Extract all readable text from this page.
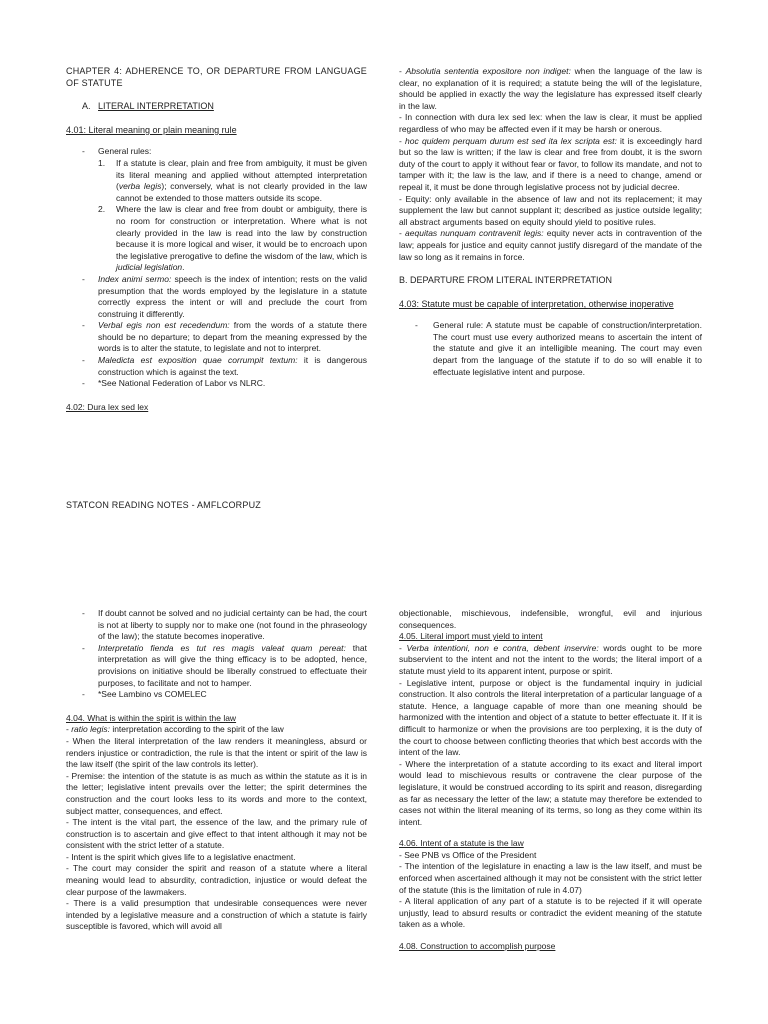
CHAPTER 4: ADHERENCE TO, OR DEPARTURE FROM LANGUAGE OF STATUTE

A. LITERAL INTERPRETATION

4.01: Literal meaning or plain meaning rule

- General rules:
1. If a statute is clear, plain and free from ambiguity, it must be given its literal meaning and applied without attempted interpretation (verba legis); conversely, what is not clearly provided in the law cannot be extended to those matters outside its scope.
2. Where the law is clear and free from doubt or ambiguity, there is no room for construction or interpretation. Where what is not clearly provided in the law is read into the law by construction because it is more logical and wiser, it would be to encroach upon the legislative prerogative to define the wisdom of the law, which is judicial legislation.
- Index animi sermo: speech is the index of intention; rests on the valid presumption that the words employed by the legislature in a statute correctly express the intent or will and preclude the court from construing it differently.
- Verbal egis non est recedendum: from the words of a statute there should be no departure; to depart from the meaning expressed by the words is to alter the statute, to legislate and not to interpret.
- Maledicta est exposition quae corrumpit textum: it is dangerous construction which is against the text.
- *See National Federation of Labor vs NLRC.

4.02: Dura lex sed lex

STATCON READING NOTES - AMFLCORPUZ

- Absolutia sententia expositore non indiget: when the language of the law is clear, no explanation of it is required; a statute being the will of the legislature, should be applied in exactly the way the legislature has expressed itself clearly in the law.

- In connection with dura lex sed lex: when the law is clear, it must be applied regardless of who may be affected even if it may be harsh or onerous.

- hoc quidem perquam durum est sed ita lex scripta est: it is exceedingly hard but so the law is written; if the law is clear and free from doubt, it is the sworn duty of the court to apply it without fear or favor, to follow its mandate, and not to tamper with it; the law is the law, and if there is a need to change, amend or repeal it, it must be done through legislative process not by judicial decree.

- Equity: only available in the absence of law and not its replacement; it may supplement the law but cannot supplant it; described as justice outside legality; all abstract arguments based on equity should yield to positive rules.

- aequitas nunquam contravenit legis: equity never acts in contravention of the law; appeals for justice and equity cannot justify disregard of the mandate of the law so long as it remains in force.

B. DEPARTURE FROM LITERAL INTERPRETATION

4.03: Statute must be capable of interpretation, otherwise inoperative

- General rule: A statute must be capable of construction/interpretation. The court must use every authorized means to ascertain the intent of the statute and give it an intelligible meaning. The court may even depart from the language of the statute if to do so will enable it to effectuate legislative intent and purpose.
- If doubt cannot be solved and no judicial certainty can be had, the court is not at liberty to supply nor to make one (not found in the phraseology of the law); the statute becomes inoperative.
- Interpretatio fienda es tut res magis valeat quam pereat: that interpretation as will give the thing efficacy is to be adopted, hence, provisions on initiative should be liberally construed to effectuate their purposes, to facilitate and not to hamper.
- *See Lambino vs COMELEC

4.04. What is within the spirit is within the law

- ratio legis: interpretation according to the spirit of the law

- When the literal interpretation of the law renders it meaningless, absurd or renders injustice or contradiction, the rule is that the intent or spirit of the law is the law itself (the spirit of the law controls its letter).

- Premise: the intention of the statute is as much as within the statute as it is in the letter; legislative intent prevails over the letter; the spirit determines the construction and the court looks less to its words and more to the context, subject matter, consequences, and effect.

- The intent is the vital part, the essence of the law, and the primary rule of construction is to ascertain and give effect to that intent although it may not be consistent with the strict letter of a statute.

- Intent is the spirit which gives life to a legislative enactment.

- The court may consider the spirit and reason of a statute where a literal meaning would lead to absurdity, contradiction, injustice or would defeat the clear purpose of the lawmakers.

- There is a valid presumption that undesirable consequences were never intended by a legislative measure and a construction of which a statute is fairly susceptible is favored, which will avoid all

objectionable, mischievous, indefensible, wrongful, evil and injurious consequences.

4.05. Literal import must yield to intent

- Verba intentioni, non e contra, debent inservire: words ought to be more subservient to the intent and not the intent to the words; the literal import of a statute must yield to its apparent intent, purpose or spirit.

- Legislative intent, purpose or object is the fundamental inquiry in judicial construction. It also controls the literal interpretation of a particular language of a statute. Hence, a language capable of more than one meaning should be harmonized with the intention and object of a statute to better effectuate it. If it is difficult to harmonize or when the provisions are too perplexing, it is the duty of the court to choose between conflicting theories that which best accords with the intent of the law.

- Where the interpretation of a statute according to its exact and literal import would lead to mischievous results or contravene the clear purpose of the legislature, it would be construed according to its spirit and reason, disregarding as far as necessary the letter of the law; a statute may therefore be extended to cases not within the literal meaning of its terms, so long as they come within its intent.

4.06. Intent of a statute is the law

- See PNB vs Office of the President

- The intention of the legislature in enacting a law is the law itself, and must be enforced when ascertained although it may not be consistent with the strict letter of the statute (this is the limitation of rule in 4.07)

- A literal application of any part of a statute is to be rejected if it will operate unjustly, lead to absurd results or contradict the evident meaning of the statute taken as a whole.

4.08. Construction to accomplish purpose
